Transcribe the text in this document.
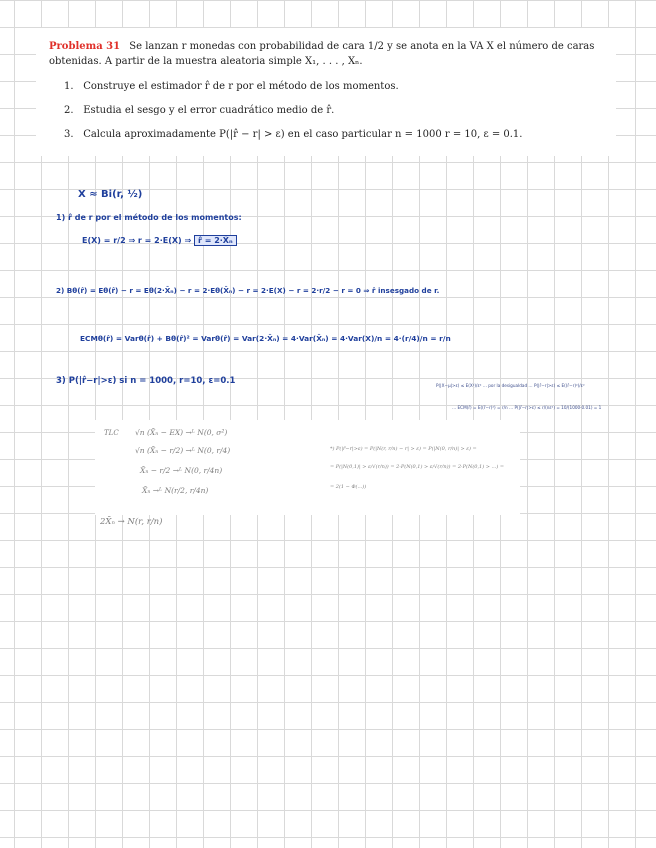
Problema 31 Se lanzan r monedas con probabilidad de cara 1/2 y se anota en la VA X el número de caras obtenidas. A partir de la muestra aleatoria simple X₁, . . . , Xₙ.
1. Construye el estimador r̂ de r por el método de los momentos.
2. Estudia el sesgo y el error cuadrático medio de r̂.
3. Calcula aproximadamente P(|r̂ − r| > ε) en el caso particular n = 1000 r = 10, ε = 0.1.
X ≈ Bi(r, ½)
1) r̂ de r por el método de los momentos:
E(X) = r/2 ⇒ r = 2·E(X) ⇒ r̂ = 2·X̄ₙ
2) Bθ(r̂) = Eθ(r̂) − r = Eθ(2·X̄ₙ) − r = 2·Eθ(X̄ₙ) − r = 2·E(X) − r = 2·r/2 − r = 0 ⇒ r̂ insesgado de r.
ECMθ(r̂) = Varθ(r̂) + Bθ(r̂)² = Varθ(r̂) = Var(2·X̄ₙ) = 4·Var(X̄ₙ) = 4·Var(X)/n = 4·(r/4)/n = r/n
3) P(|r̂−r|>ε) si n = 1000, r=10, ε=0.1	P(|X−μ|>ε) ≤ E(X²)/ε² … por la desigualdad … P(|r̂−r|>ε) ≤ E((r̂−r)²)/ε²
… ECM(r̂) = E((r̂−r)²) = r/n … P(|r̂−r|>ε) ≤ r/(nε²) = 10/(1000·0.01) = 1
TLC √n (X̄ₙ − EX) →ᴸ N(0, σ²)
√n (X̄ₙ − r/2) →ᴸ N(0, r/4)
X̄ₙ − r/2 →ᴸ N(0, r/4n)
X̄ₙ →ᴸ N(r/2, r/4n)
*) P(|r̂−r|>ε) = P(|N(r, r/n) − r| > ε) = P(|N(0, r/n)| > ε) =
= P(|N(0,1)| > ε/√(r/n)) = 2·P(N(0,1) > ε/√(r/n)) = 2·P(N(0,1) > ...) =
= 2(1 − Φ(...))
2X̄ₙ → N(r, r/n)
